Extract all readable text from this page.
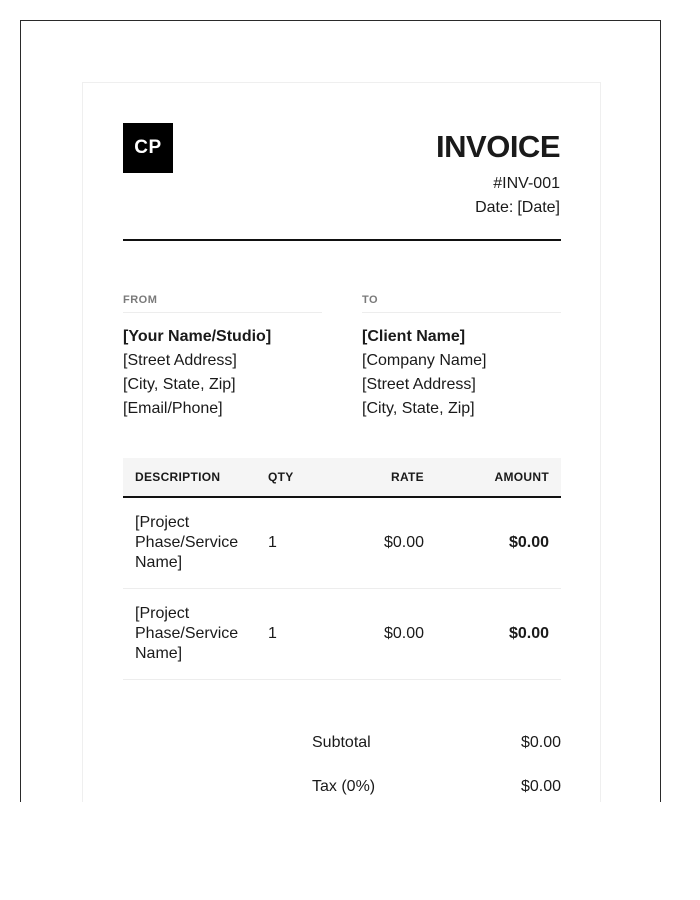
CP	INVOICE
#INV-001
Date: [Date]
FROM
[Your Name/Studio]
[Street Address]
[City, State, Zip]
[Email/Phone]
TO
[Client Name]
[Company Name]
[Street Address]
[City, State, Zip]
DESCRIPTION	QTY	RATE	AMOUNT
[Project Phase/Service Name]	1	$0.00	$0.00
[Project Phase/Service Name]	1	$0.00	$0.00
Subtotal	$0.00
Tax (0%)	$0.00
